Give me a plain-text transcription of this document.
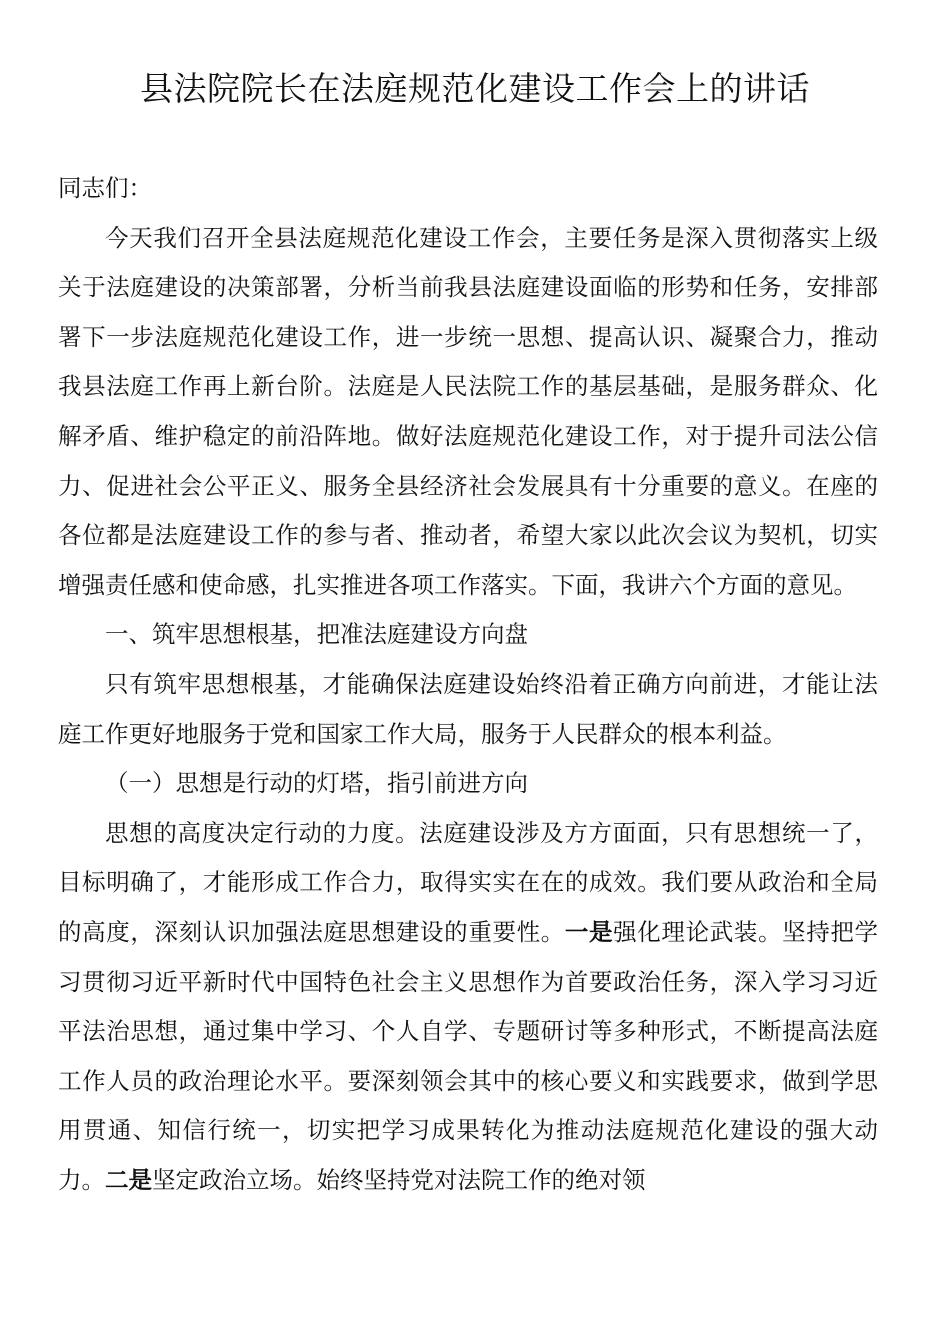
县法院院长在法庭规范化建设工作会上的讲话

同志们：

今天我们召开全县法庭规范化建设工作会，主要任务是深入贯彻落实上级关于法庭建设的决策部署，分析当前我县法庭建设面临的形势和任务，安排部署下一步法庭规范化建设工作，进一步统一思想、提高认识、凝聚合力，推动我县法庭工作再上新台阶。法庭是人民法院工作的基层基础，是服务群众、化解矛盾、维护稳定的前沿阵地。做好法庭规范化建设工作，对于提升司法公信力、促进社会公平正义、服务全县经济社会发展具有十分重要的意义。在座的各位都是法庭建设工作的参与者、推动者，希望大家以此次会议为契机，切实增强责任感和使命感，扎实推进各项工作落实。下面，我讲六个方面的意见。

一、筑牢思想根基，把准法庭建设方向盘

只有筑牢思想根基，才能确保法庭建设始终沿着正确方向前进，才能让法庭工作更好地服务于党和国家工作大局，服务于人民群众的根本利益。

（一）思想是行动的灯塔，指引前进方向

思想的高度决定行动的力度。法庭建设涉及方方面面，只有思想统一了，目标明确了，才能形成工作合力，取得实实在在的成效。我们要从政治和全局的高度，深刻认识加强法庭思想建设的重要性。一是强化理论武装。坚持把学习贯彻习近平新时代中国特色社会主义思想作为首要政治任务，深入学习习近平法治思想，通过集中学习、个人自学、专题研讨等多种形式，不断提高法庭工作人员的政治理论水平。要深刻领会其中的核心要义和实践要求，做到学思用贯通、知信行统一，切实把学习成果转化为推动法庭规范化建设的强大动力。二是坚定政治立场。始终坚持党对法院工作的绝对领
